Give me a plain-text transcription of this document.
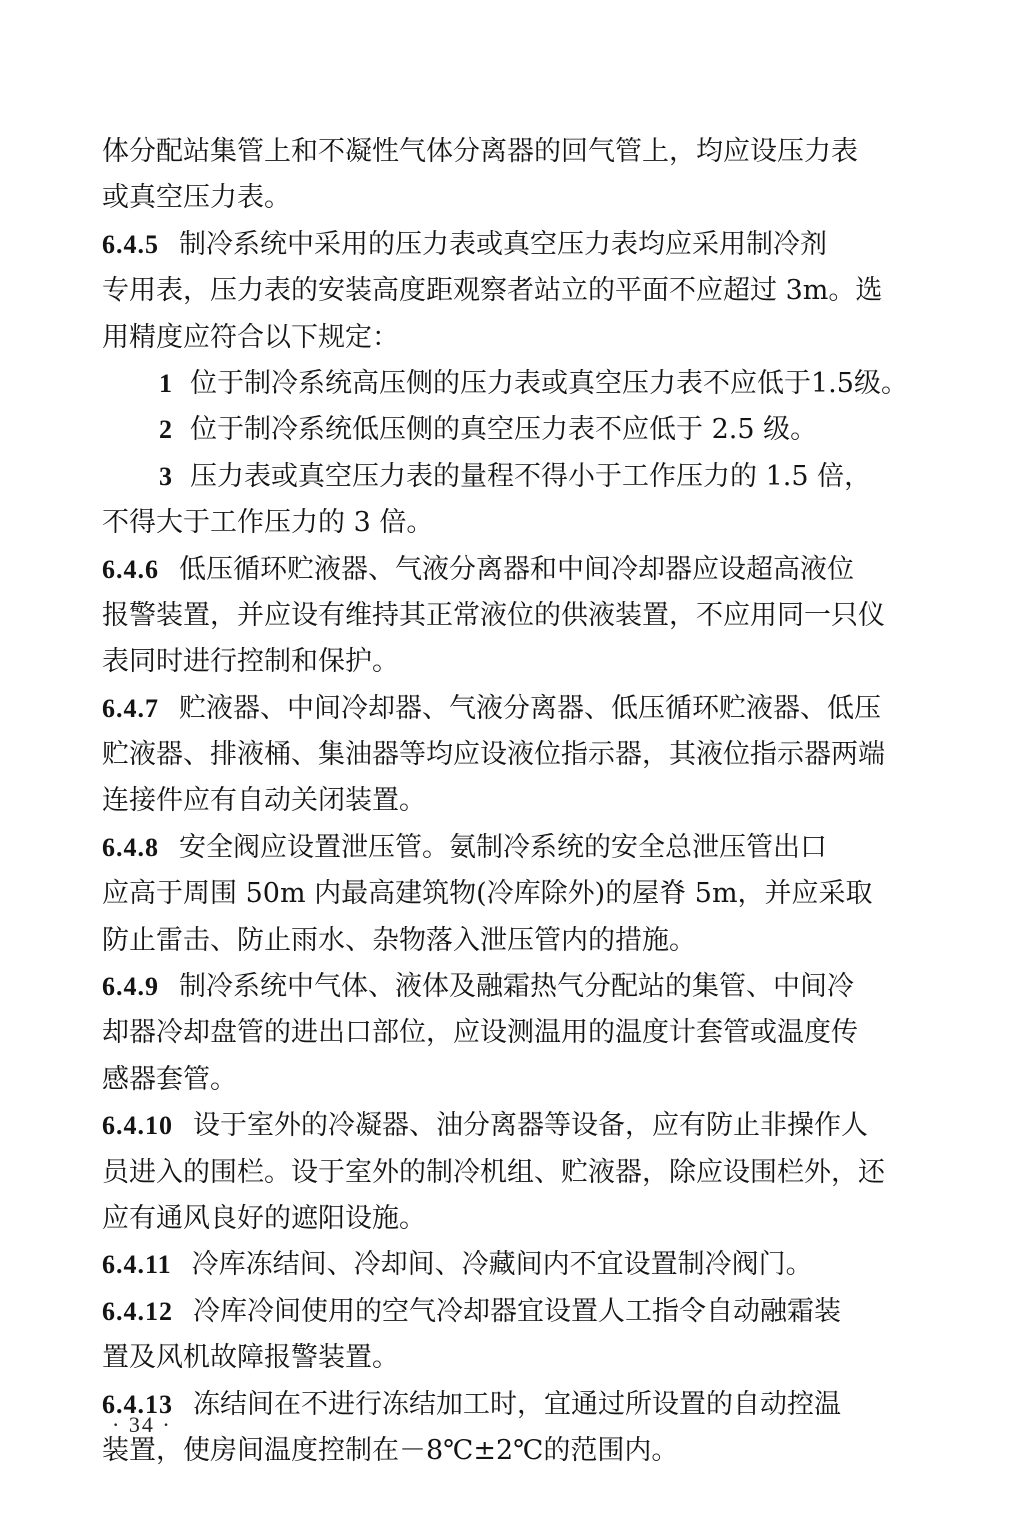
体分配站集管上和不凝性气体分离器的回气管上，均应设压力表
或真空压力表。
6.4.5 制冷系统中采用的压力表或真空压力表均应采用制冷剂
专用表，压力表的安装高度距观察者站立的平面不应超过 3m。选
用精度应符合以下规定：
1 位于制冷系统高压侧的压力表或真空压力表不应低于1.5级。
2 位于制冷系统低压侧的真空压力表不应低于 2.5 级。
3 压力表或真空压力表的量程不得小于工作压力的 1.5 倍，
不得大于工作压力的 3 倍。
6.4.6 低压循环贮液器、气液分离器和中间冷却器应设超高液位
报警装置，并应设有维持其正常液位的供液装置，不应用同一只仪
表同时进行控制和保护。
6.4.7 贮液器、中间冷却器、气液分离器、低压循环贮液器、低压
贮液器、排液桶、集油器等均应设液位指示器，其液位指示器两端
连接件应有自动关闭装置。
6.4.8 安全阀应设置泄压管。氨制冷系统的安全总泄压管出口
应高于周围 50m 内最高建筑物(冷库除外)的屋脊 5m，并应采取
防止雷击、防止雨水、杂物落入泄压管内的措施。
6.4.9 制冷系统中气体、液体及融霜热气分配站的集管、中间冷
却器冷却盘管的进出口部位，应设测温用的温度计套管或温度传
感器套管。
6.4.10 设于室外的冷凝器、油分离器等设备，应有防止非操作人
员进入的围栏。设于室外的制冷机组、贮液器，除应设围栏外，还
应有通风良好的遮阳设施。
6.4.11 冷库冻结间、冷却间、冷藏间内不宜设置制冷阀门。
6.4.12 冷库冷间使用的空气冷却器宜设置人工指令自动融霜装
置及风机故障报警装置。
6.4.13 冻结间在不进行冻结加工时，宜通过所设置的自动控温
装置，使房间温度控制在－8℃±2℃的范围内。
· 34 ·
